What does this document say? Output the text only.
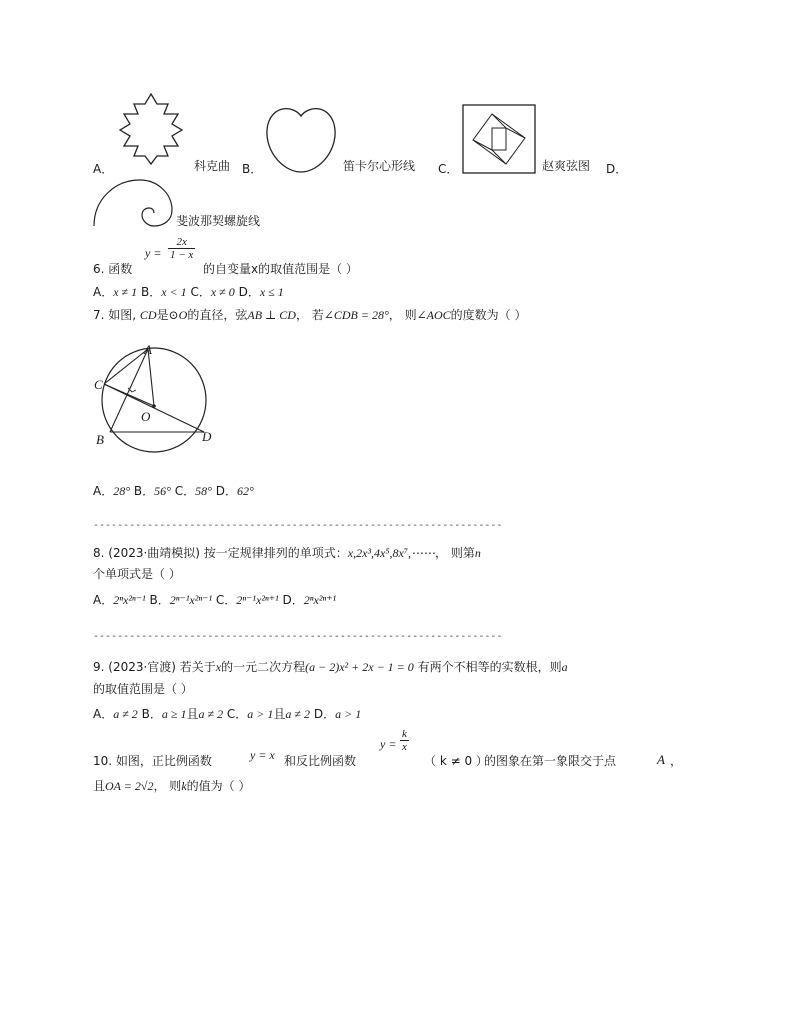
A．	科克曲 B．	笛卡尔心形线 C．	赵爽弦图 D．
斐波那契螺旋线
6. 函数
$y = \frac{2x}{1 - x}$
的自变量x的取值范围是（ ）
A．x ≠ 1 B．x < 1 C．x ≠ 0 D．x ≤ 1
7. 如图, CD是⊙O的直径，弦AB ⊥ CD， 若∠CDB = 28°， 则∠AOC的度数为（ ）
A
C
O
B	D
A．28° B．56° C．58° D．62°
--------------------------------------------------------------------
8. (2023·曲靖模拟) 按一定规律排列的单项式：x,2x³,4x⁵,8x⁷,⋯⋯， 则第n
个单项式是（ ）
A．2ⁿx²ⁿ⁻¹ B．2ⁿ⁻¹x²ⁿ⁻¹ C．2ⁿ⁻¹x²ⁿ⁺¹ D．2ⁿx²ⁿ⁺¹
--------------------------------------------------------------------
9. (2023·官渡) 若关于x的一元二次方程(a − 2)x² + 2x − 1 = 0 有两个不相等的实数根，则a
的取值范围是（ ）
A．a ≠ 2 B．a ≥ 1且a ≠ 2 C．a > 1且a ≠ 2 D．a > 1
10. 如图，正比例函数	y = x 和反比例函数
$y = \frac{k}{x}$
（ k ≠ 0 ）
的图象在第一象限交于点	A ，
且OA = 2√2， 则k的值为（ ）
